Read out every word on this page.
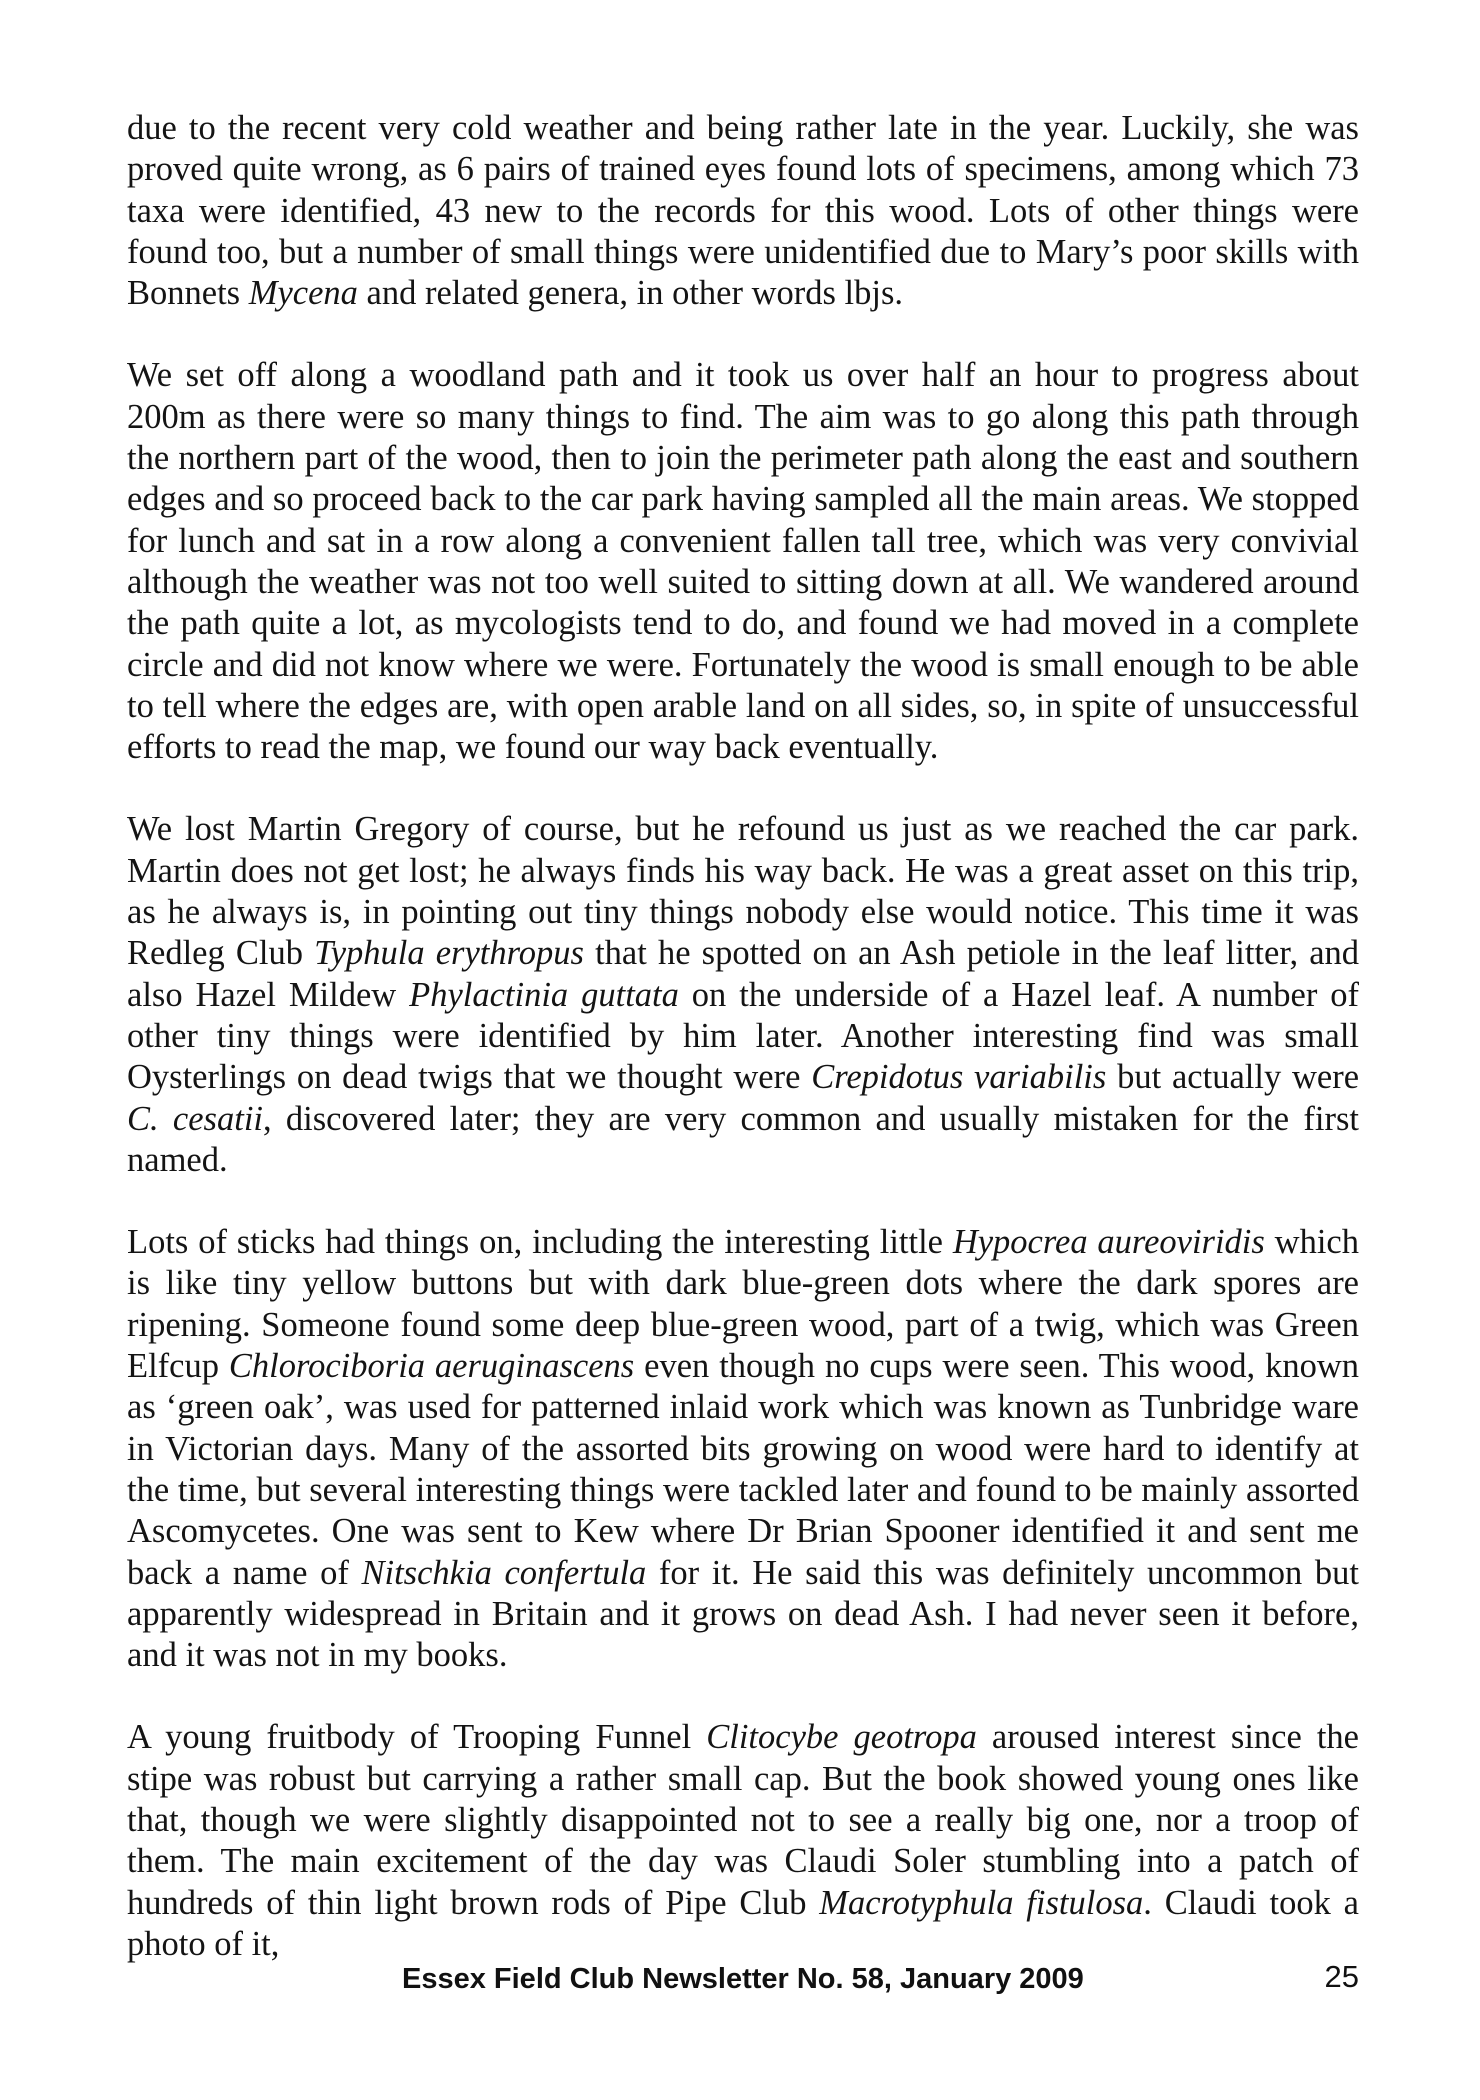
due to the recent very cold weather and being rather late in the year. Luckily, she was proved quite wrong, as 6 pairs of trained eyes found lots of specimens, among which 73 taxa were identified, 43 new to the records for this wood. Lots of other things were found too, but a number of small things were unidentified due to Mary’s poor skills with Bonnets Mycena and related genera, in other words lbjs.

We set off along a woodland path and it took us over half an hour to progress about 200m as there were so many things to find. The aim was to go along this path through the northern part of the wood, then to join the perimeter path along the east and southern edges and so proceed back to the car park having sampled all the main areas. We stopped for lunch and sat in a row along a convenient fallen tall tree, which was very convivial although the weather was not too well suited to sitting down at all. We wandered around the path quite a lot, as mycologists tend to do, and found we had moved in a complete circle and did not know where we were. Fortunately the wood is small enough to be able to tell where the edges are, with open arable land on all sides, so, in spite of unsuccessful efforts to read the map, we found our way back eventually.

We lost Martin Gregory of course, but he refound us just as we reached the car park. Martin does not get lost; he always finds his way back. He was a great asset on this trip, as he always is, in pointing out tiny things nobody else would notice. This time it was Redleg Club Typhula erythropus that he spotted on an Ash petiole in the leaf litter, and also Hazel Mildew Phylactinia guttata on the underside of a Hazel leaf. A number of other tiny things were identified by him later. Another interesting find was small Oysterlings on dead twigs that we thought were Crepidotus variabilis but actually were C. cesatii, discovered later; they are very common and usually mistaken for the first named.

Lots of sticks had things on, including the interesting little Hypocrea aureoviridis which is like tiny yellow buttons but with dark blue-green dots where the dark spores are ripening. Someone found some deep blue-green wood, part of a twig, which was Green Elfcup Chlorociboria aeruginascens even though no cups were seen. This wood, known as ‘green oak’, was used for patterned inlaid work which was known as Tunbridge ware in Victorian days. Many of the assorted bits growing on wood were hard to identify at the time, but several interesting things were tackled later and found to be mainly assorted Ascomycetes. One was sent to Kew where Dr Brian Spooner identified it and sent me back a name of Nitschkia confertula for it. He said this was definitely uncommon but apparently widespread in Britain and it grows on dead Ash. I had never seen it before, and it was not in my books.

A young fruitbody of Trooping Funnel Clitocybe geotropa aroused interest since the stipe was robust but carrying a rather small cap. But the book showed young ones like that, though we were slightly disappointed not to see a really big one, nor a troop of them. The main excitement of the day was Claudi Soler stumbling into a patch of hundreds of thin light brown rods of Pipe Club Macrotyphula fistulosa. Claudi took a photo of it,

Essex Field Club Newsletter No. 58, January 2009	25
